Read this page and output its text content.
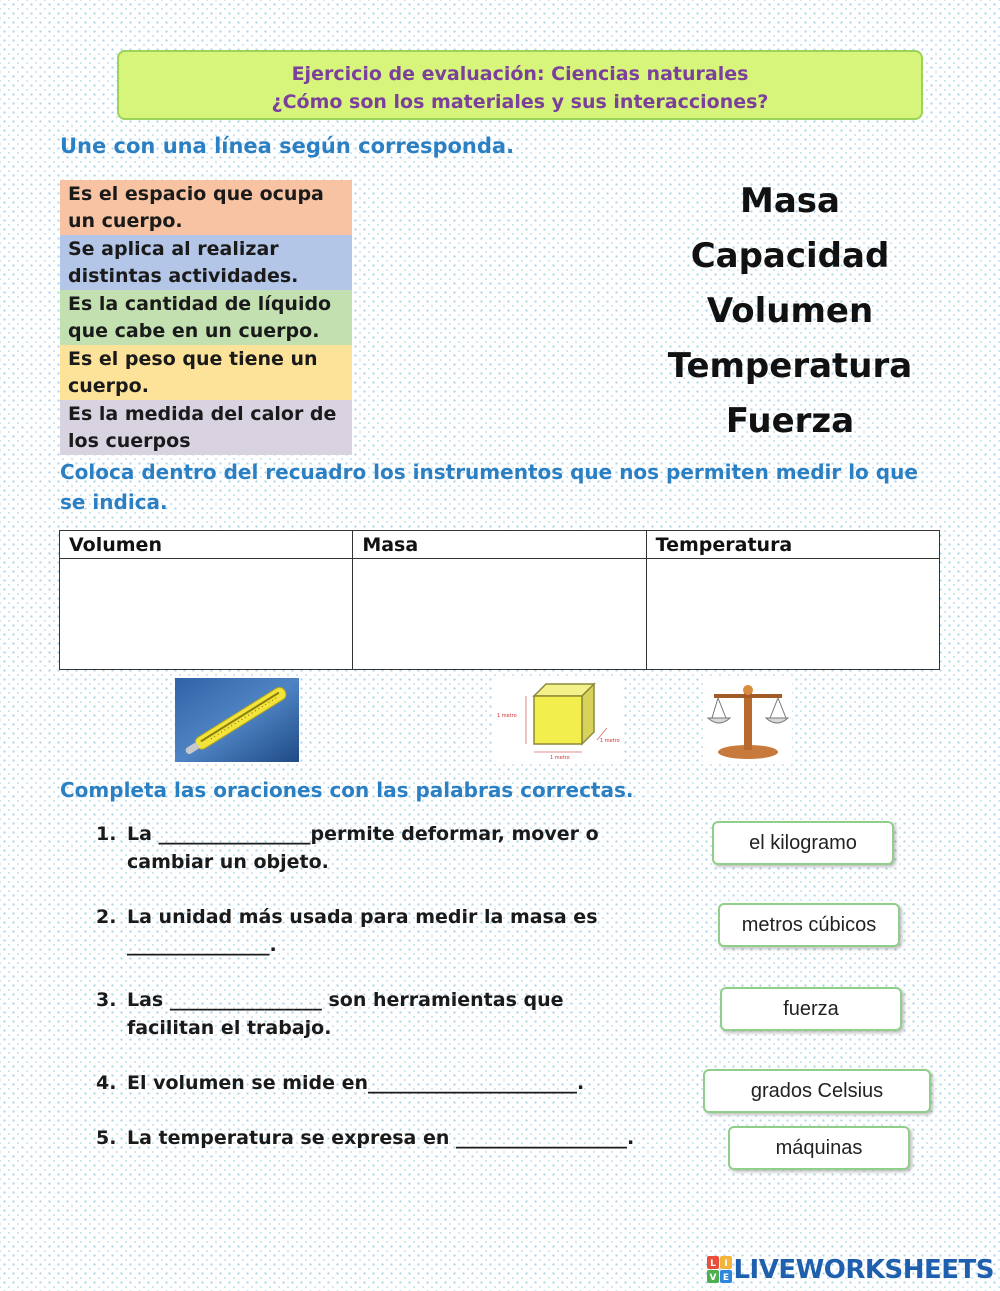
Ejercicio de evaluación: Ciencias naturales
¿Cómo son los materiales y sus interacciones?
Une con una línea según corresponda.
Es el espacio que ocupa un cuerpo.
Se aplica al realizar distintas actividades.
Es la cantidad de líquido que cabe en un cuerpo.
Es el peso que tiene un cuerpo.
Es la medida del calor de los cuerpos
Masa
Capacidad
Volumen
Temperatura
Fuerza
Coloca dentro del recuadro los instrumentos que nos permiten medir lo que se indica.
Volumen	Masa	Temperatura

1 metro
1 metro
1 metro
Completa las oraciones con las palabras correctas.
1. La ________________permite deformar, mover o cambiar un objeto.
2. La unidad más usada para medir la masa es _______________.
3. Las ________________ son herramientas que facilitan el trabajo.
4. El volumen se mide en______________________.
5. La temperatura se expresa en __________________.
el kilogramo
metros cúbicos
fuerza
grados Celsius
máquinas
L I
V E LIVEWORKSHEETS
